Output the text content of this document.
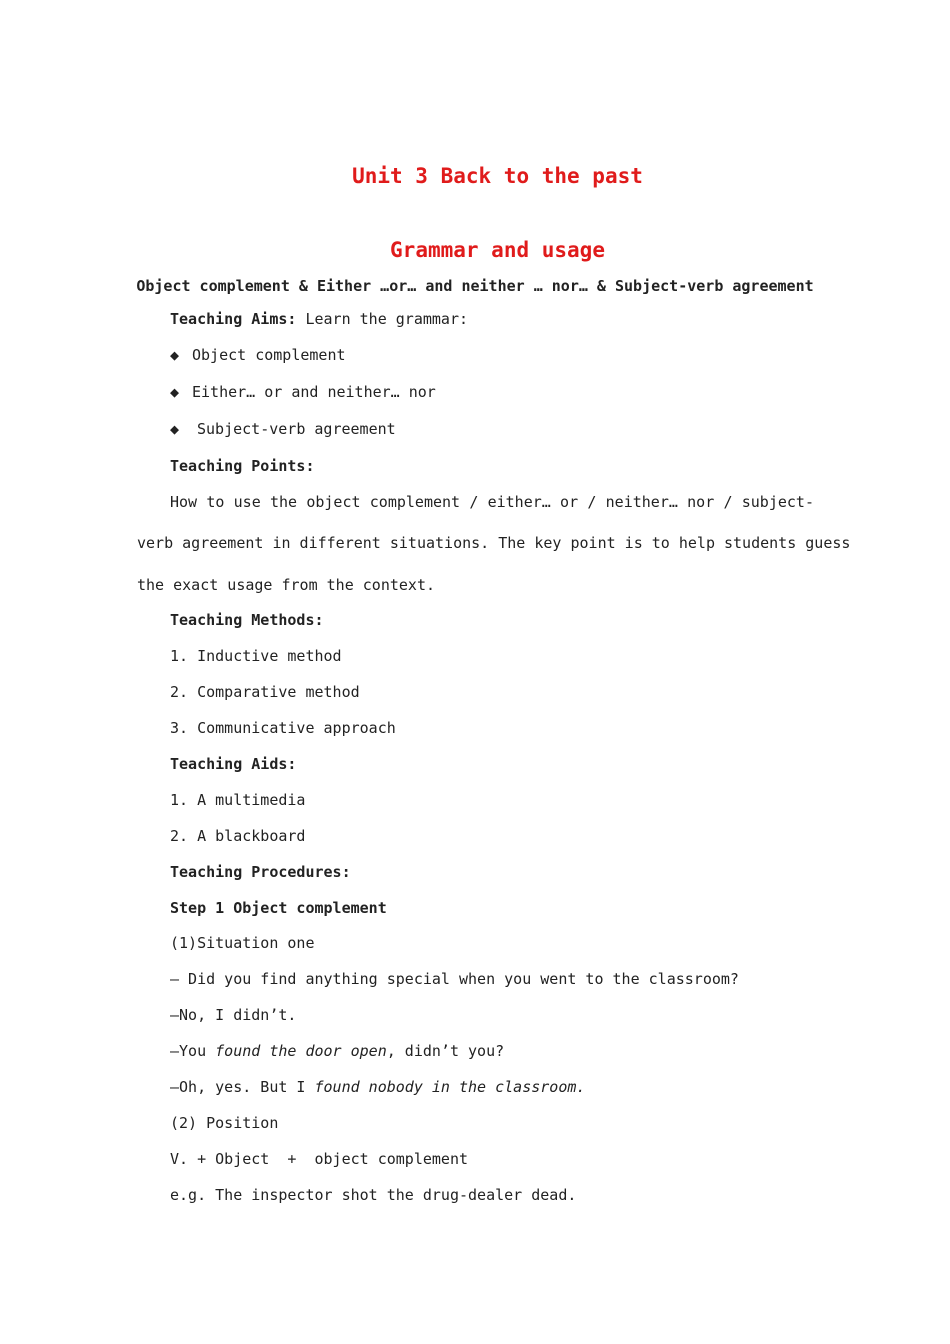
Unit 3 Back to the past
Grammar and usage
Object complement & Either …or… and neither … nor… & Subject-verb agreement
Teaching Aims: Learn the grammar:
◆ Object complement
◆ Either… or and neither… nor
◆ Subject-verb agreement
Teaching Points:
How to use the object complement / either… or / neither… nor / subject-
verb agreement in different situations. The key point is to help students guess
the exact usage from the context.
Teaching Methods:
1. Inductive method
2. Comparative method
3. Communicative approach
Teaching Aids:
1. A multimedia
2. A blackboard
Teaching Procedures:
Step 1 Object complement
(1)Situation one
— Did you find anything special when you went to the classroom?
—No, I didn’t.
—You found the door open, didn’t you?
—Oh, yes. But I found nobody in the classroom.
(2) Position
V. + Object  +  object complement
e.g. The inspector shot the drug-dealer dead.
